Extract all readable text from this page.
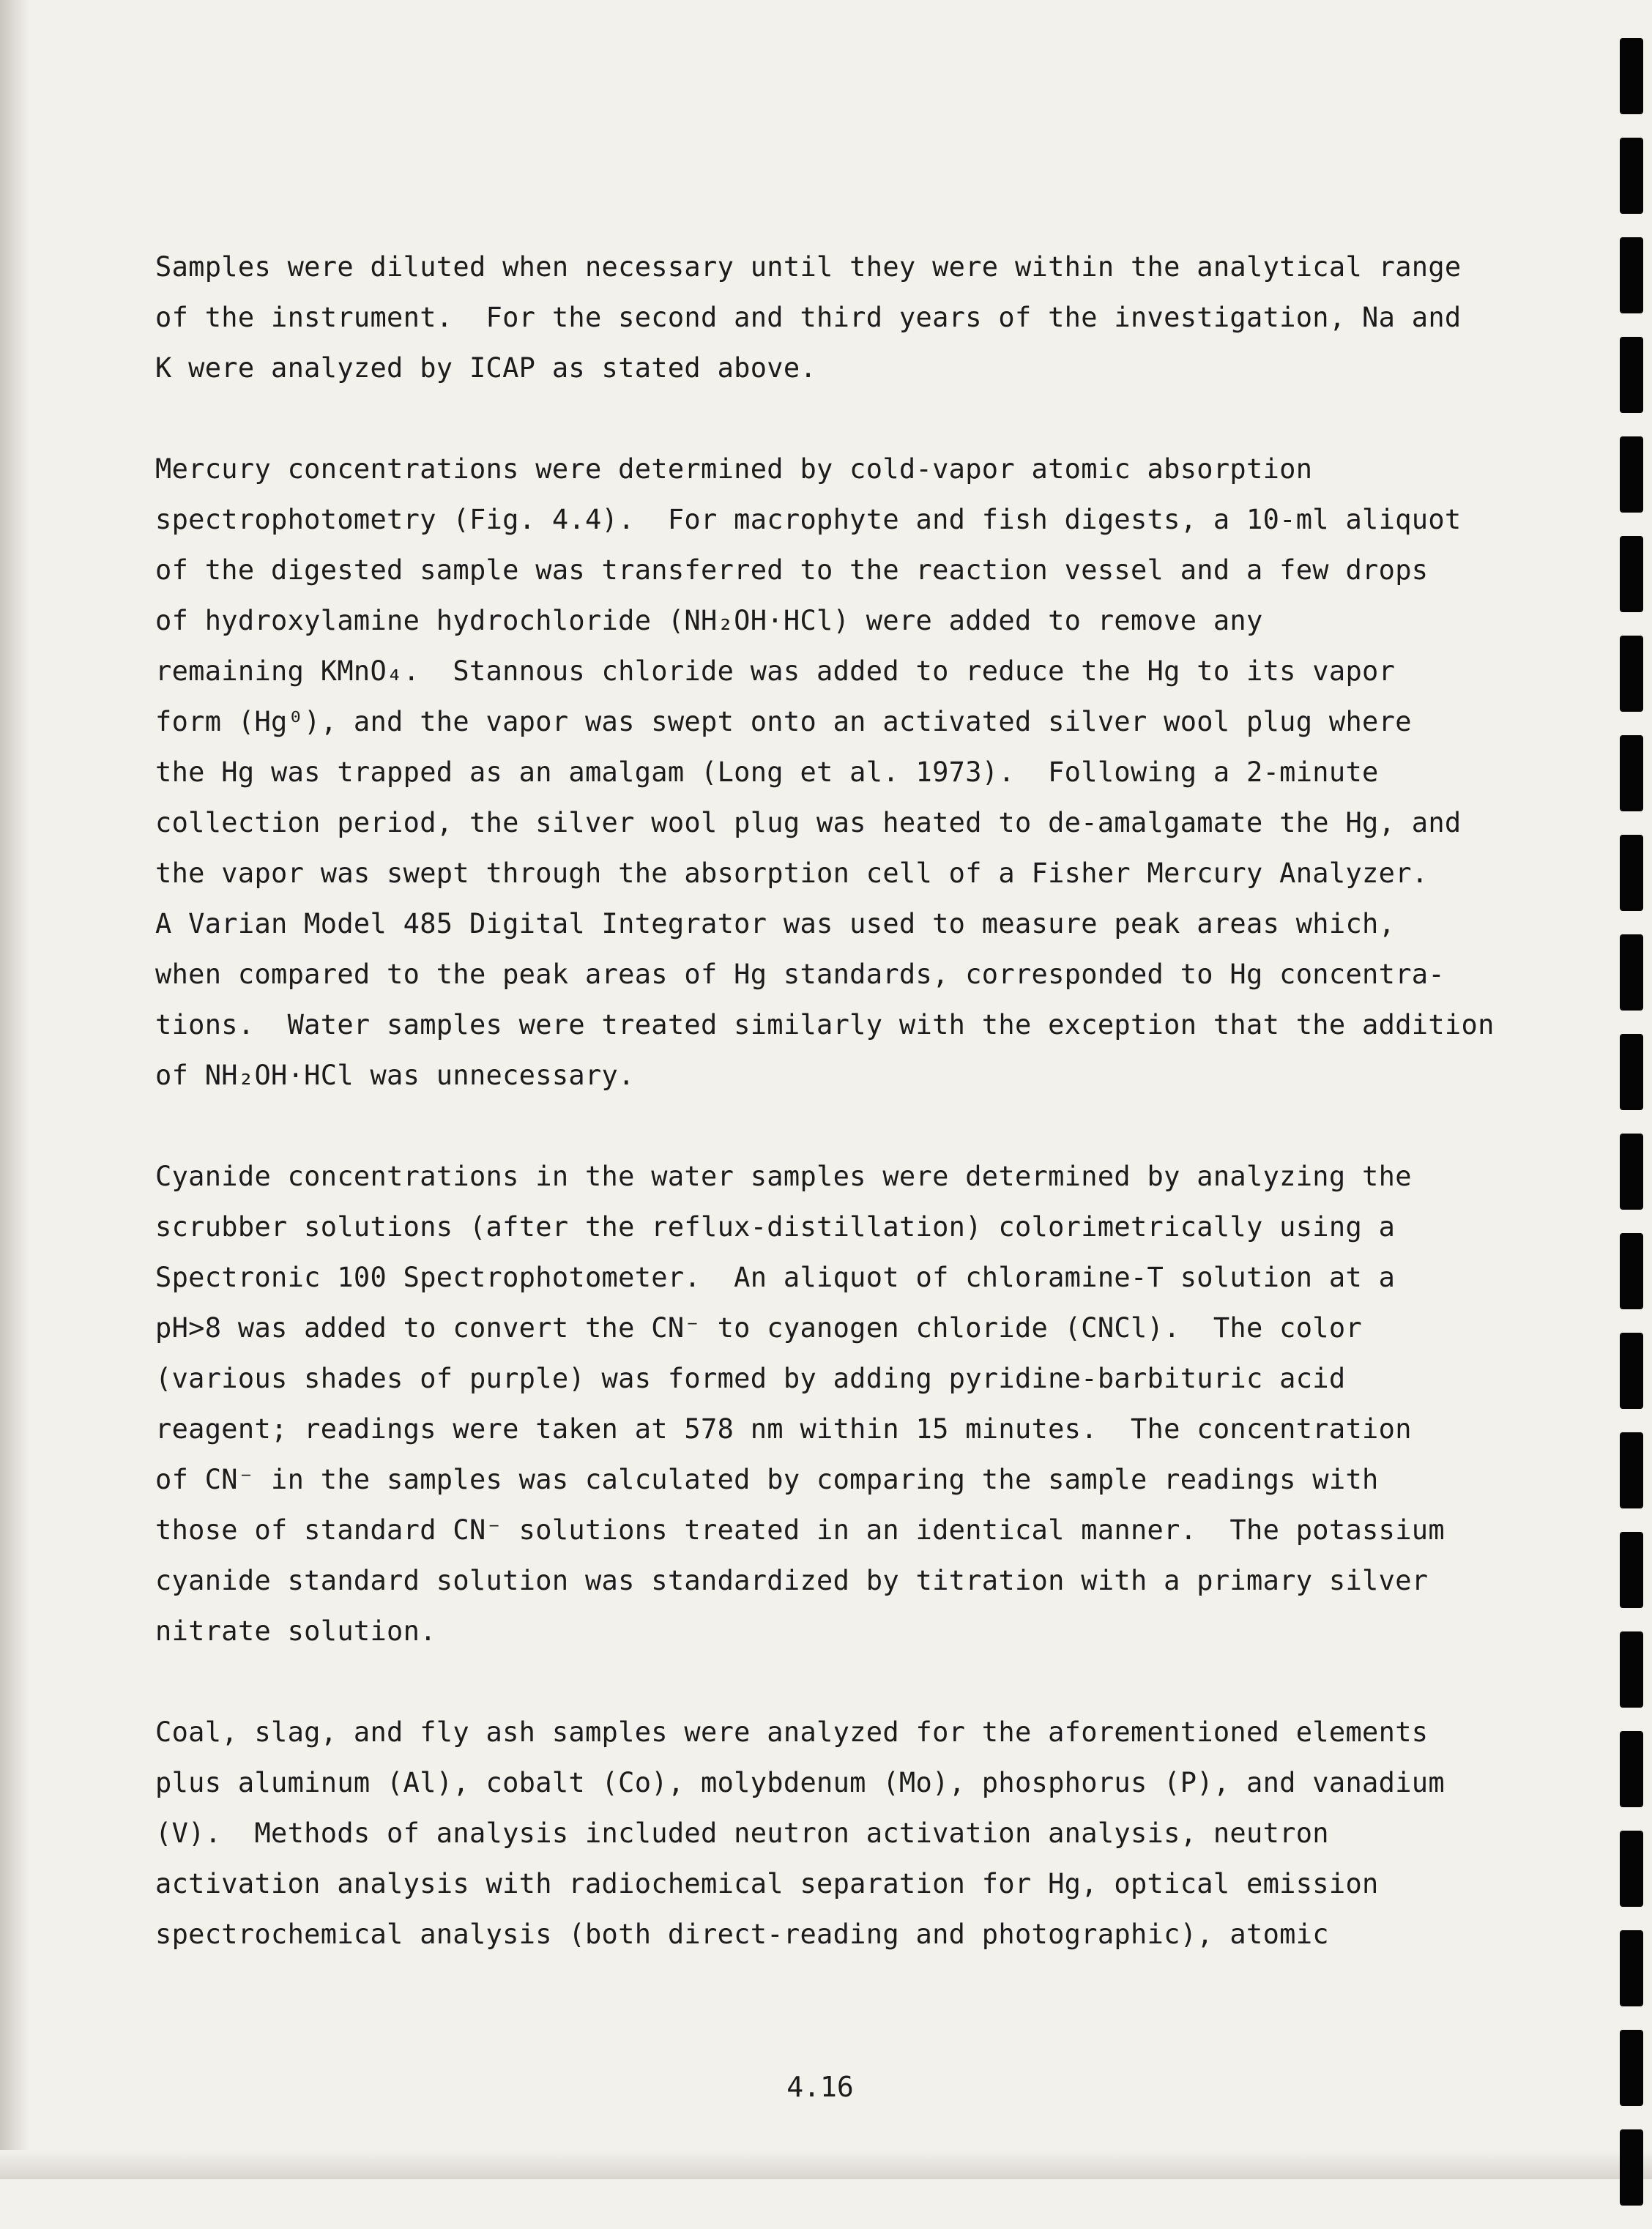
Samples were diluted when necessary until they were within the analytical range
of the instrument.  For the second and third years of the investigation, Na and
K were analyzed by ICAP as stated above.

Mercury concentrations were determined by cold-vapor atomic absorption
spectrophotometry (Fig. 4.4).  For macrophyte and fish digests, a 10-ml aliquot
of the digested sample was transferred to the reaction vessel and a few drops
of hydroxylamine hydrochloride (NH₂OH·HCl) were added to remove any
remaining KMnO₄.  Stannous chloride was added to reduce the Hg to its vapor
form (Hg⁰), and the vapor was swept onto an activated silver wool plug where
the Hg was trapped as an amalgam (Long et al. 1973).  Following a 2-minute
collection period, the silver wool plug was heated to de-amalgamate the Hg, and
the vapor was swept through the absorption cell of a Fisher Mercury Analyzer.
A Varian Model 485 Digital Integrator was used to measure peak areas which,
when compared to the peak areas of Hg standards, corresponded to Hg concentra-
tions.  Water samples were treated similarly with the exception that the addition
of NH₂OH·HCl was unnecessary.

Cyanide concentrations in the water samples were determined by analyzing the
scrubber solutions (after the reflux-distillation) colorimetrically using a
Spectronic 100 Spectrophotometer.  An aliquot of chloramine-T solution at a
pH>8 was added to convert the CN⁻ to cyanogen chloride (CNCl).  The color
(various shades of purple) was formed by adding pyridine-barbituric acid
reagent; readings were taken at 578 nm within 15 minutes.  The concentration
of CN⁻ in the samples was calculated by comparing the sample readings with
those of standard CN⁻ solutions treated in an identical manner.  The potassium
cyanide standard solution was standardized by titration with a primary silver
nitrate solution.

Coal, slag, and fly ash samples were analyzed for the aforementioned elements
plus aluminum (Al), cobalt (Co), molybdenum (Mo), phosphorus (P), and vanadium
(V).  Methods of analysis included neutron activation analysis, neutron
activation analysis with radiochemical separation for Hg, optical emission
spectrochemical analysis (both direct-reading and photographic), atomic

4.16
